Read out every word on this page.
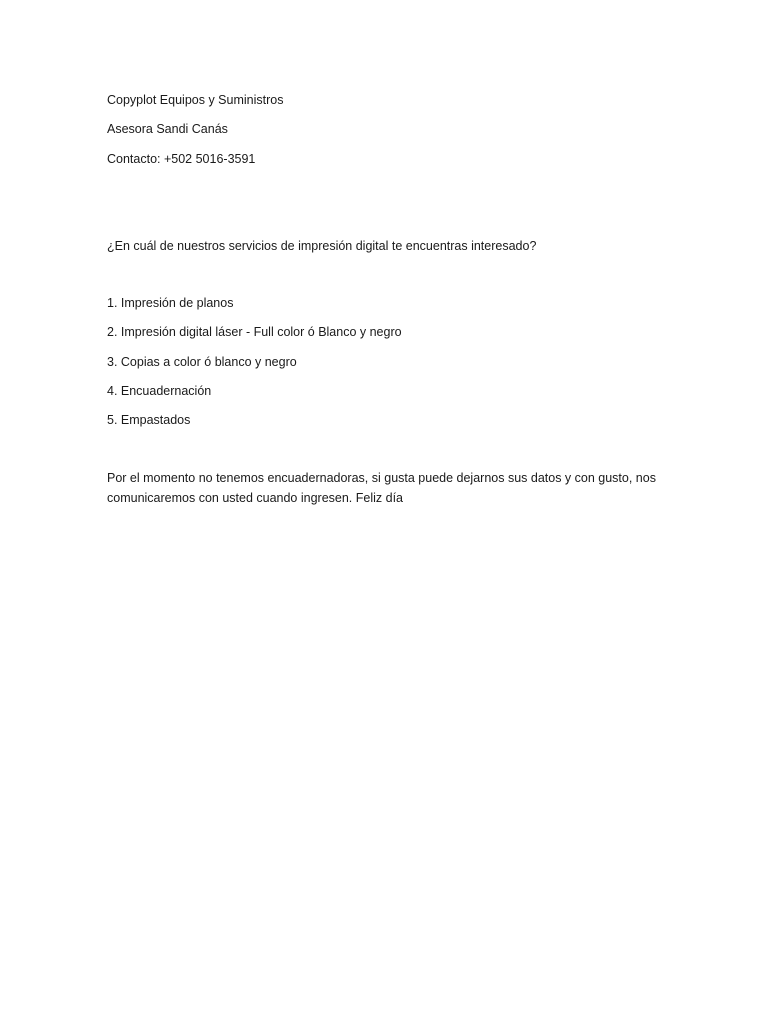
Copyplot Equipos y Suministros

Asesora Sandi Canás

Contacto: +502 5016-3591

¿En cuál de nuestros servicios de impresión digital te encuentras interesado?

1. Impresión de planos

2. Impresión digital láser - Full color ó Blanco y negro

3. Copias a color ó blanco y negro

4. Encuadernación

5. Empastados

Por el momento no tenemos encuadernadoras, si gusta puede dejarnos sus datos y con gusto, nos comunicaremos con usted cuando ingresen. Feliz día
